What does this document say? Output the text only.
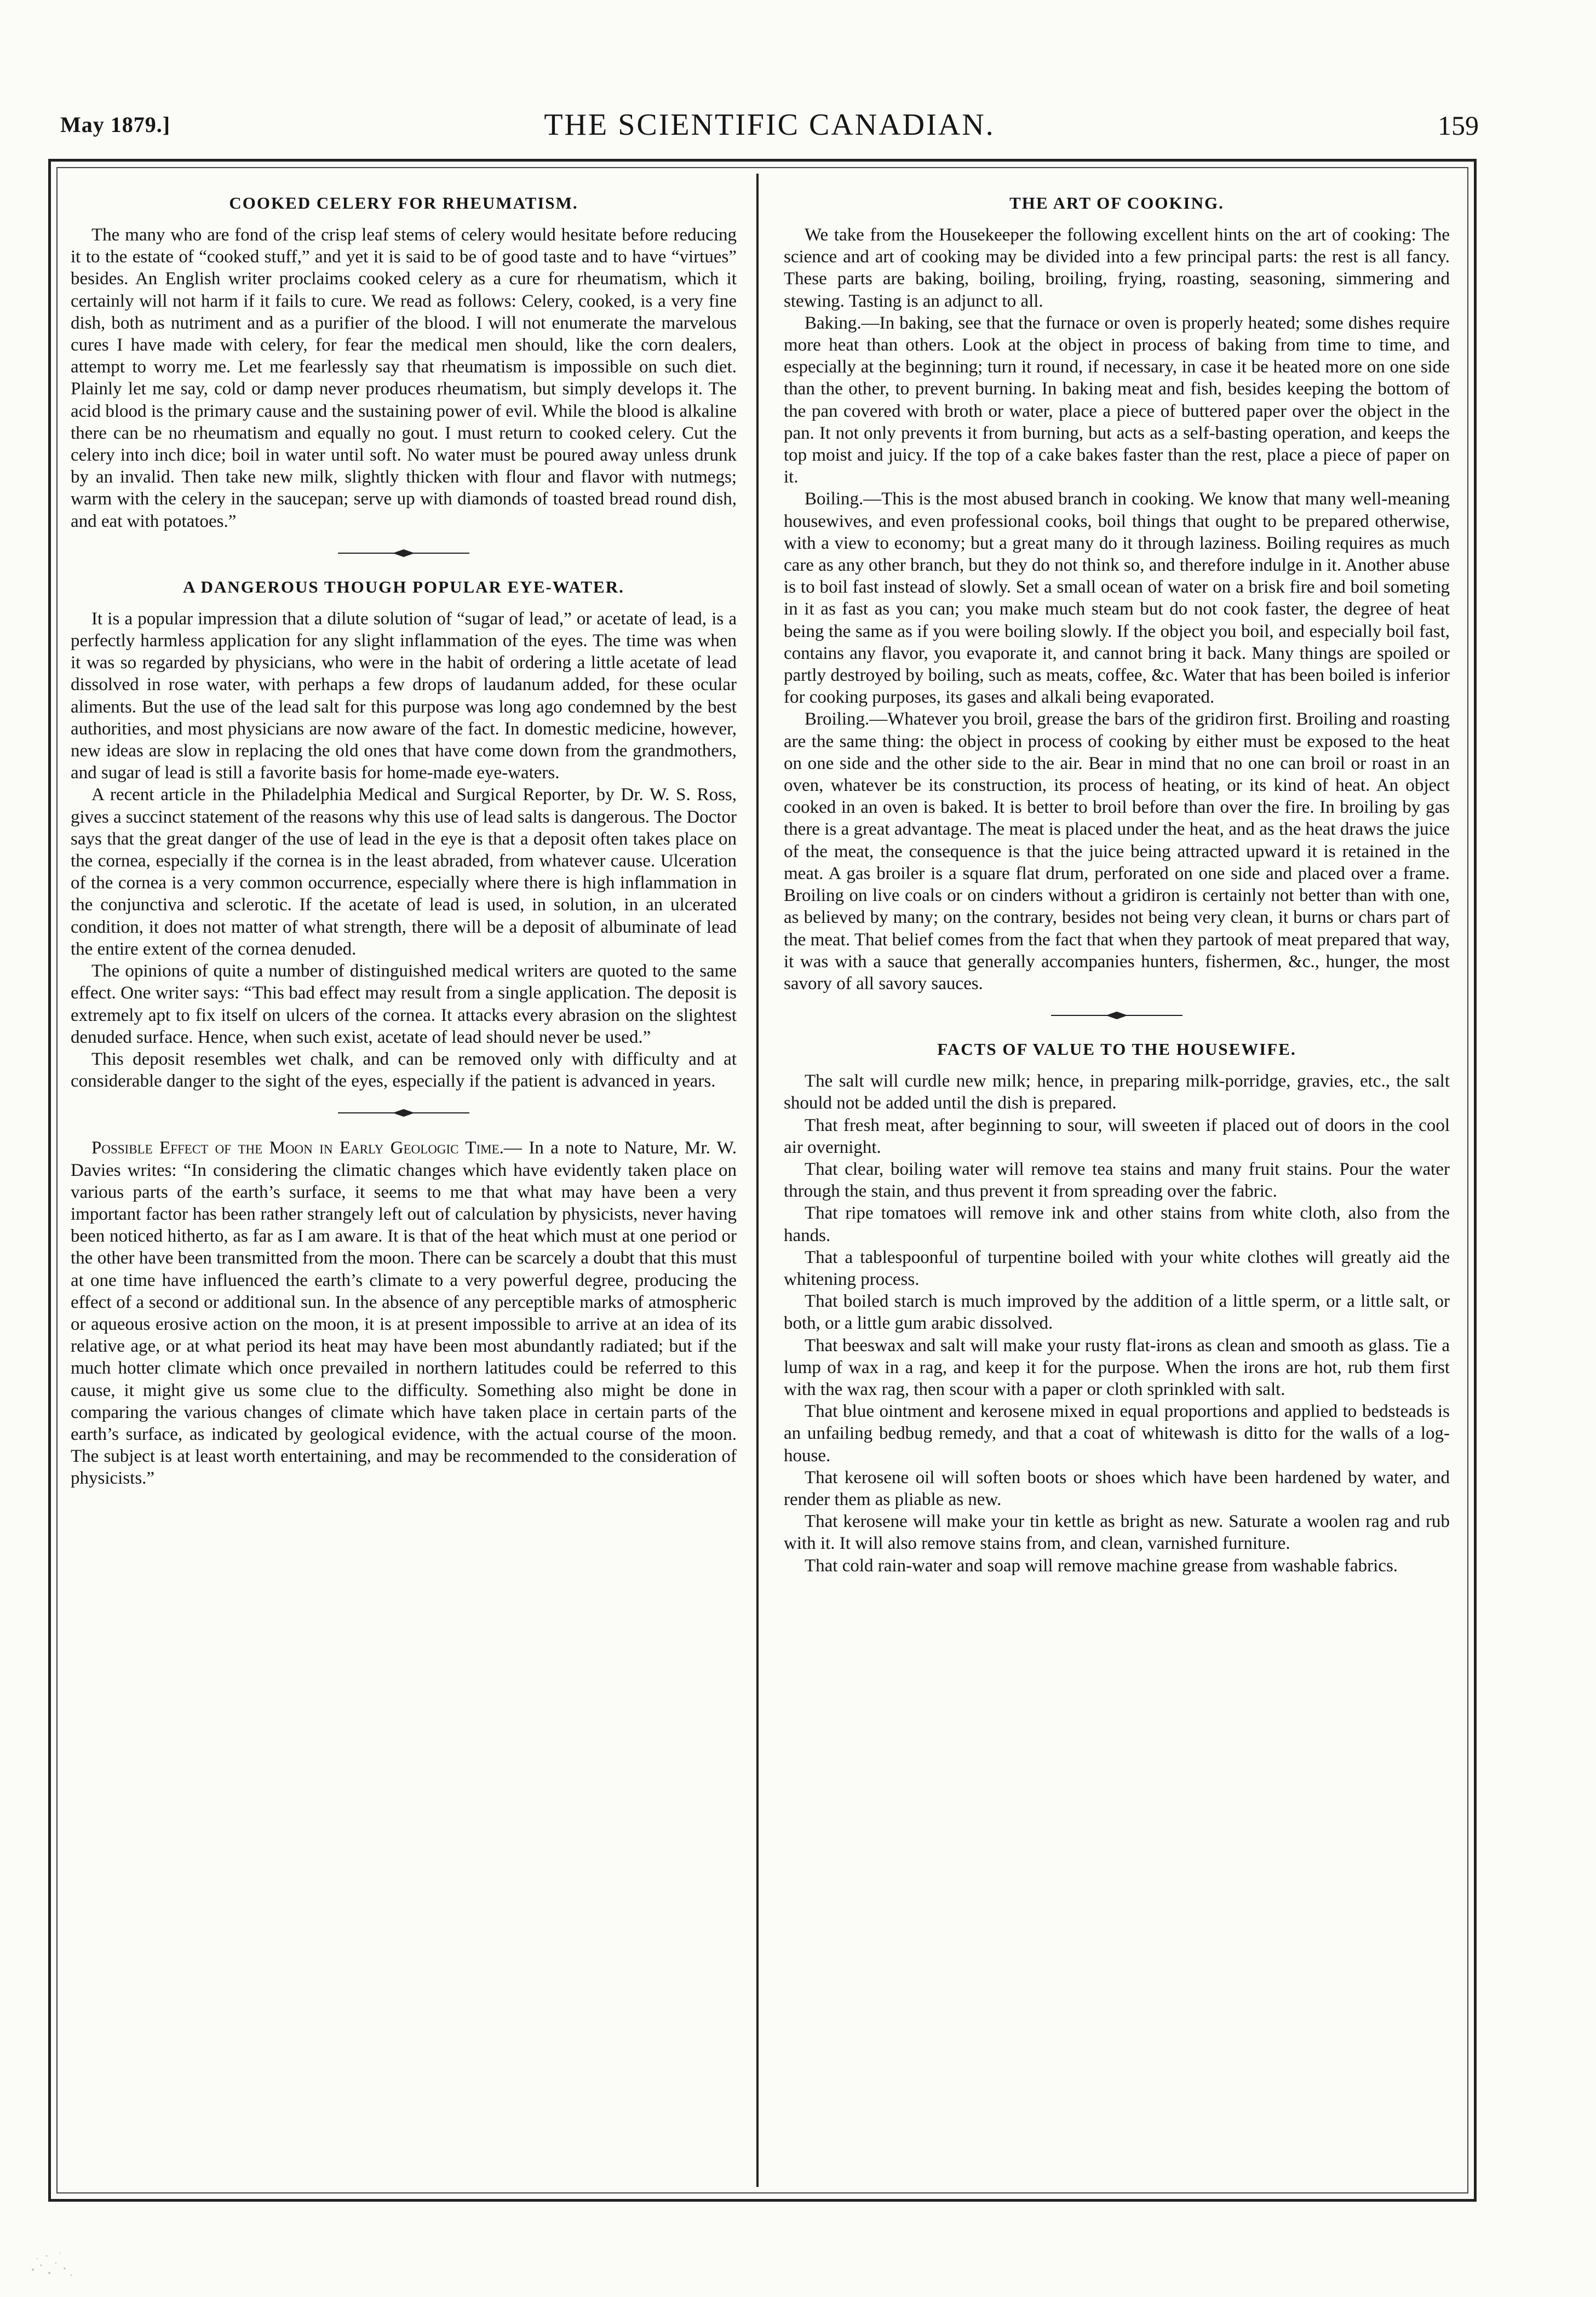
May 1879.]	THE SCIENTIFIC CANADIAN.	159
COOKED CELERY FOR RHEUMATISM.

The many who are fond of the crisp leaf stems of celery would hesitate before reducing it to the estate of “cooked stuff,” and yet it is said to be of good taste and to have “virtues” besides. An English writer proclaims cooked celery as a cure for rheumatism, which it certainly will not harm if it fails to cure. We read as follows: Celery, cooked, is a very fine dish, both as nutriment and as a purifier of the blood. I will not enumerate the marvelous cures I have made with celery, for fear the medical men should, like the corn dealers, attempt to worry me. Let me fearlessly say that rheumatism is impossible on such diet. Plainly let me say, cold or damp never produces rheumatism, but simply develops it. The acid blood is the primary cause and the sustaining power of evil. While the blood is alkaline there can be no rheumatism and equally no gout. I must return to cooked celery. Cut the celery into inch dice; boil in water until soft. No water must be poured away unless drunk by an invalid. Then take new milk, slightly thicken with flour and flavor with nutmegs; warm with the celery in the saucepan; serve up with diamonds of toasted bread round dish, and eat with potatoes.”

A DANGEROUS THOUGH POPULAR EYE-WATER.

It is a popular impression that a dilute solution of “sugar of lead,” or acetate of lead, is a perfectly harmless application for any slight inflammation of the eyes. The time was when it was so regarded by physicians, who were in the habit of ordering a little acetate of lead dissolved in rose water, with perhaps a few drops of laudanum added, for these ocular aliments. But the use of the lead salt for this purpose was long ago condemned by the best authorities, and most physicians are now aware of the fact. In domestic medicine, however, new ideas are slow in replacing the old ones that have come down from the grandmothers, and sugar of lead is still a favorite basis for home-made eye-waters.

A recent article in the Philadelphia Medical and Surgical Reporter, by Dr. W. S. Ross, gives a succinct statement of the reasons why this use of lead salts is dangerous. The Doctor says that the great danger of the use of lead in the eye is that a deposit often takes place on the cornea, especially if the cornea is in the least abraded, from whatever cause. Ulceration of the cornea is a very common occurrence, especially where there is high inflammation in the conjunctiva and sclerotic. If the acetate of lead is used, in solution, in an ulcerated condition, it does not matter of what strength, there will be a deposit of albuminate of lead the entire extent of the cornea denuded.

The opinions of quite a number of distinguished medical writers are quoted to the same effect. One writer says: “This bad effect may result from a single application. The deposit is extremely apt to fix itself on ulcers of the cornea. It attacks every abrasion on the slightest denuded surface. Hence, when such exist, acetate of lead should never be used.”

This deposit resembles wet chalk, and can be removed only with difficulty and at considerable danger to the sight of the eyes, especially if the patient is advanced in years.

Possible Effect of the Moon in Early Geologic Time.— In a note to Nature, Mr. W. Davies writes: “In considering the climatic changes which have evidently taken place on various parts of the earth’s surface, it seems to me that what may have been a very important factor has been rather strangely left out of calculation by physicists, never having been noticed hitherto, as far as I am aware. It is that of the heat which must at one period or the other have been transmitted from the moon. There can be scarcely a doubt that this must at one time have influenced the earth’s climate to a very powerful degree, producing the effect of a second or additional sun. In the absence of any perceptible marks of atmospheric or aqueous erosive action on the moon, it is at present impossible to arrive at an idea of its relative age, or at what period its heat may have been most abundantly radiated; but if the much hotter climate which once prevailed in northern latitudes could be referred to this cause, it might give us some clue to the difficulty. Something also might be done in comparing the various changes of climate which have taken place in certain parts of the earth’s surface, as indicated by geological evidence, with the actual course of the moon. The subject is at least worth entertaining, and may be recommended to the consideration of physicists.”

THE ART OF COOKING.

We take from the Housekeeper the following excellent hints on the art of cooking: The science and art of cooking may be divided into a few principal parts: the rest is all fancy. These parts are baking, boiling, broiling, frying, roasting, seasoning, simmering and stewing. Tasting is an adjunct to all.

Baking.—In baking, see that the furnace or oven is properly heated; some dishes require more heat than others. Look at the object in process of baking from time to time, and especially at the beginning; turn it round, if necessary, in case it be heated more on one side than the other, to prevent burning. In baking meat and fish, besides keeping the bottom of the pan covered with broth or water, place a piece of buttered paper over the object in the pan. It not only prevents it from burning, but acts as a self-basting operation, and keeps the top moist and juicy. If the top of a cake bakes faster than the rest, place a piece of paper on it.

Boiling.—This is the most abused branch in cooking. We know that many well-meaning housewives, and even professional cooks, boil things that ought to be prepared otherwise, with a view to economy; but a great many do it through laziness. Boiling requires as much care as any other branch, but they do not think so, and therefore indulge in it. Another abuse is to boil fast instead of slowly. Set a small ocean of water on a brisk fire and boil someting in it as fast as you can; you make much steam but do not cook faster, the degree of heat being the same as if you were boiling slowly. If the object you boil, and especially boil fast, contains any flavor, you evaporate it, and cannot bring it back. Many things are spoiled or partly destroyed by boiling, such as meats, coffee, &c. Water that has been boiled is inferior for cooking purposes, its gases and alkali being evaporated.

Broiling.—Whatever you broil, grease the bars of the gridiron first. Broiling and roasting are the same thing: the object in process of cooking by either must be exposed to the heat on one side and the other side to the air. Bear in mind that no one can broil or roast in an oven, whatever be its construction, its process of heating, or its kind of heat. An object cooked in an oven is baked. It is better to broil before than over the fire. In broiling by gas there is a great advantage. The meat is placed under the heat, and as the heat draws the juice of the meat, the consequence is that the juice being attracted upward it is retained in the meat. A gas broiler is a square flat drum, perforated on one side and placed over a frame. Broiling on live coals or on cinders without a gridiron is certainly not better than with one, as believed by many; on the contrary, besides not being very clean, it burns or chars part of the meat. That belief comes from the fact that when they partook of meat prepared that way, it was with a sauce that generally accompanies hunters, fishermen, &c., hunger, the most savory of all savory sauces.

FACTS OF VALUE TO THE HOUSEWIFE.

The salt will curdle new milk; hence, in preparing milk-porridge, gravies, etc., the salt should not be added until the dish is prepared.

That fresh meat, after beginning to sour, will sweeten if placed out of doors in the cool air overnight.

That clear, boiling water will remove tea stains and many fruit stains. Pour the water through the stain, and thus prevent it from spreading over the fabric.

That ripe tomatoes will remove ink and other stains from white cloth, also from the hands.

That a tablespoonful of turpentine boiled with your white clothes will greatly aid the whitening process.

That boiled starch is much improved by the addition of a little sperm, or a little salt, or both, or a little gum arabic dissolved.

That beeswax and salt will make your rusty flat-irons as clean and smooth as glass. Tie a lump of wax in a rag, and keep it for the purpose. When the irons are hot, rub them first with the wax rag, then scour with a paper or cloth sprinkled with salt.

That blue ointment and kerosene mixed in equal proportions and applied to bedsteads is an unfailing bedbug remedy, and that a coat of whitewash is ditto for the walls of a log-house.

That kerosene oil will soften boots or shoes which have been hardened by water, and render them as pliable as new.

That kerosene will make your tin kettle as bright as new. Saturate a woolen rag and rub with it. It will also remove stains from, and clean, varnished furniture.

That cold rain-water and soap will remove machine grease from washable fabrics.
